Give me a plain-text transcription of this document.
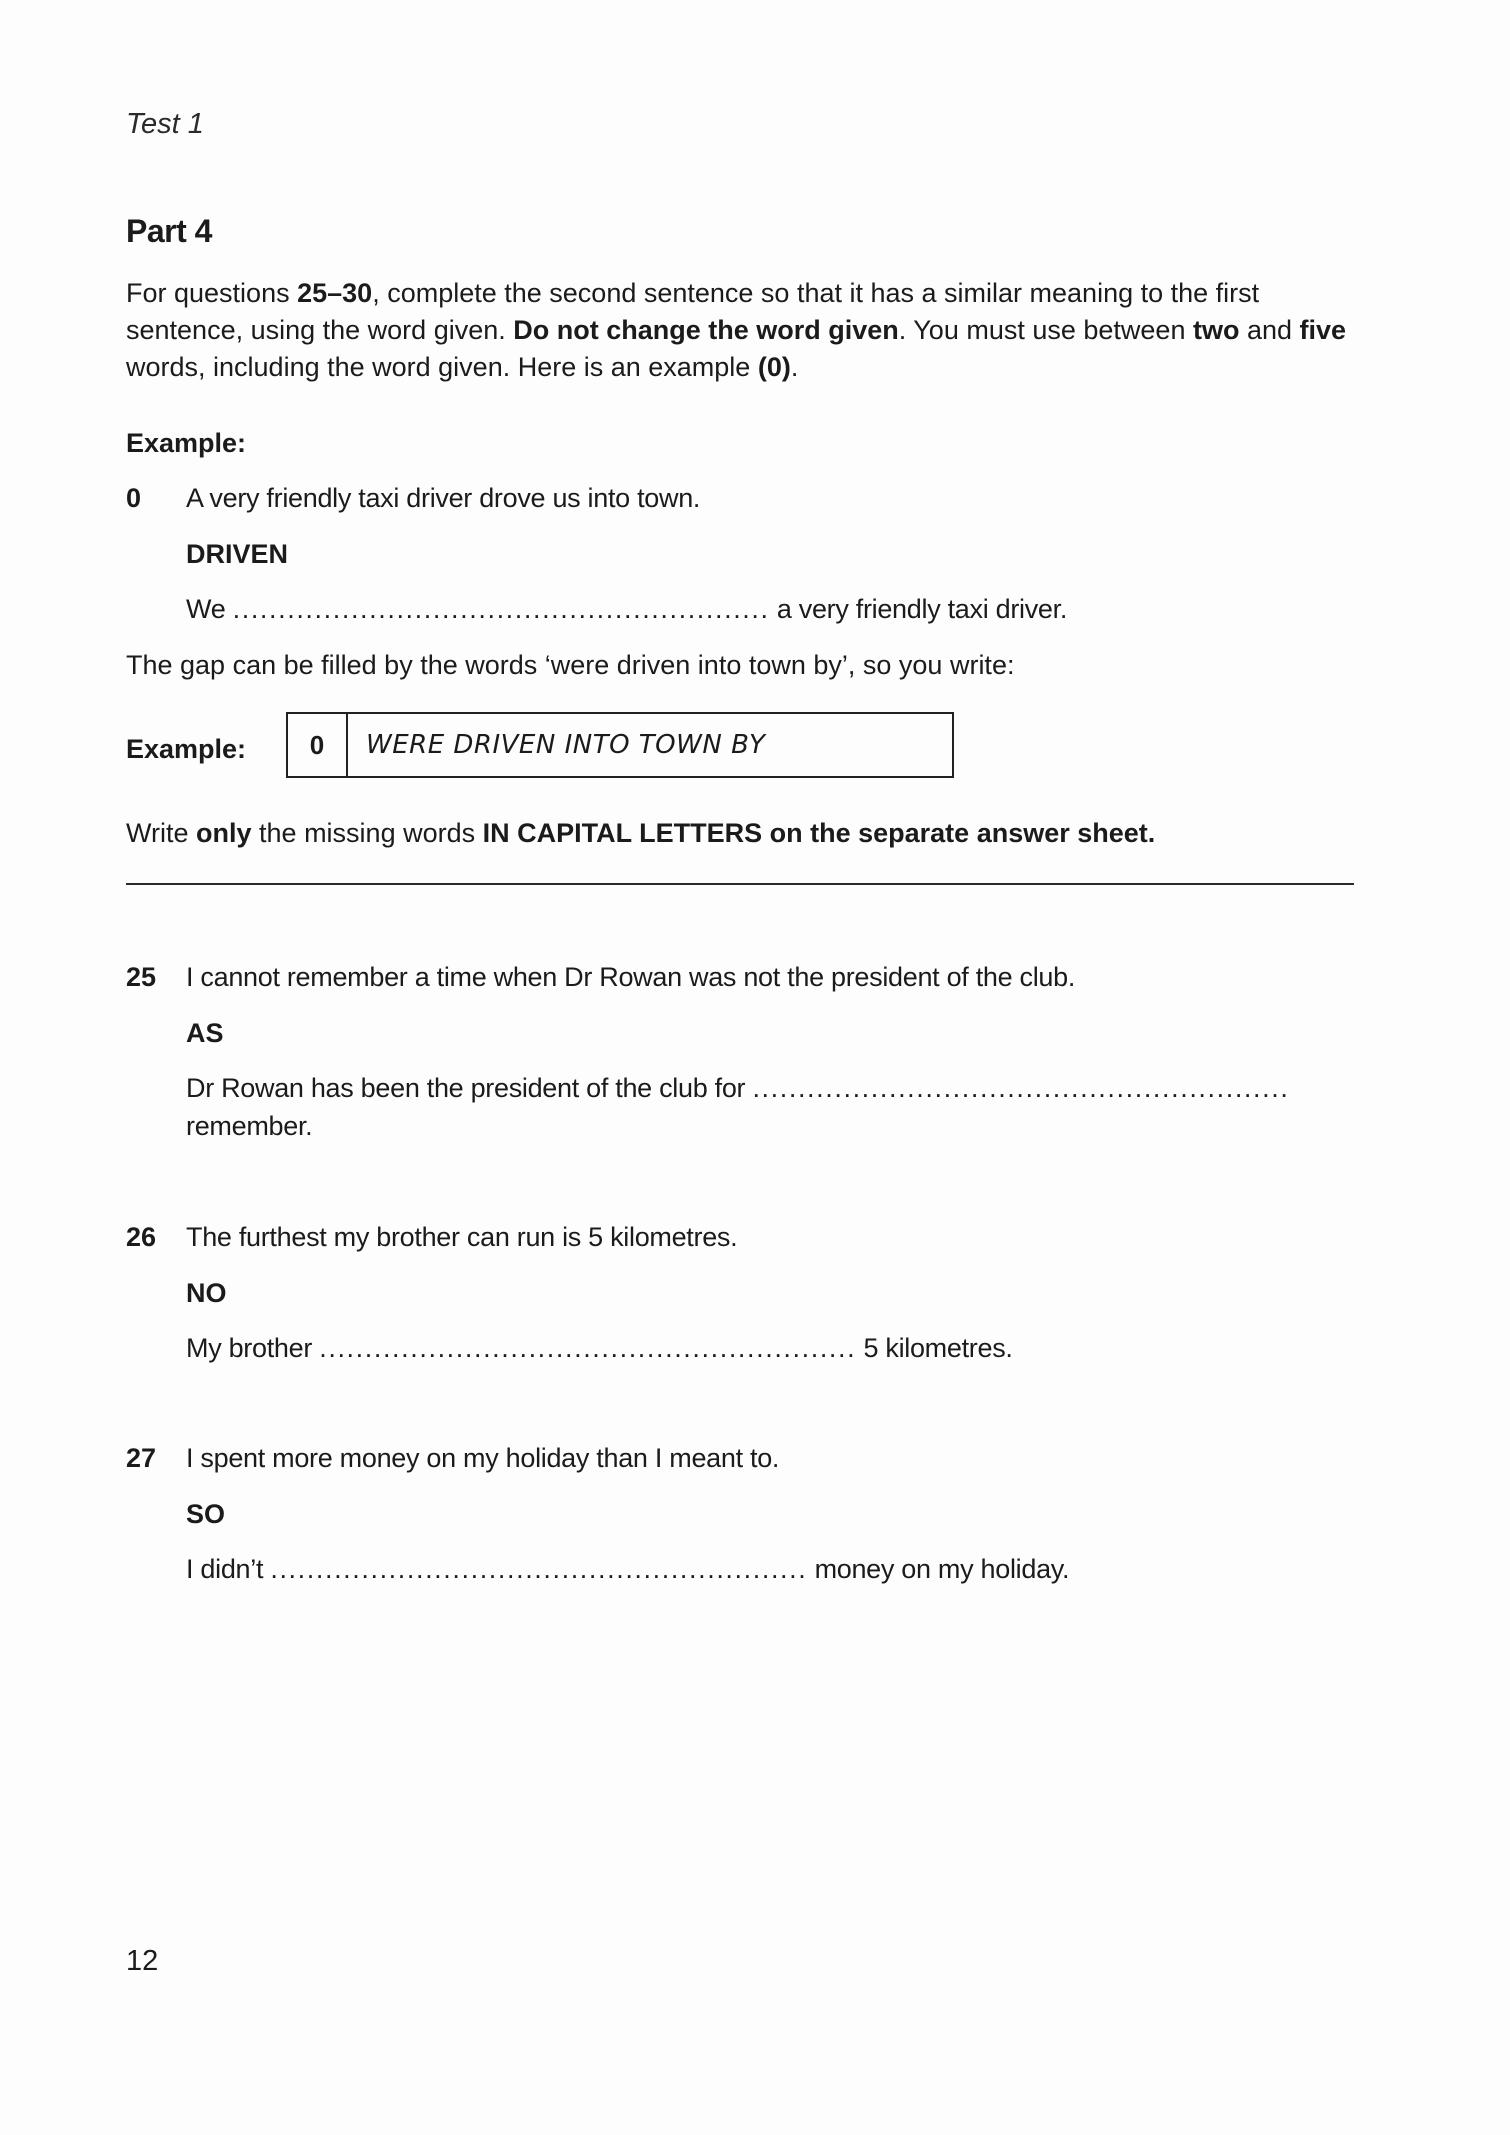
Test 1
Part 4
For questions 25–30, complete the second sentence so that it has a similar meaning to the first sentence, using the word given. Do not change the word given. You must use between two and five words, including the word given. Here is an example (0).
Example:
0 A very friendly taxi driver drove us into town.
DRIVEN
We ........................................................... a very friendly taxi driver.
The gap can be filled by the words ‘were driven into town by’, so you write:
Example:	0	WERE DRIVEN INTO TOWN BY
Write only the missing words IN CAPITAL LETTERS on the separate answer sheet.
25 I cannot remember a time when Dr Rowan was not the president of the club.
AS
Dr Rowan has been the president of the club for ...........................................................
remember.
26 The furthest my brother can run is 5 kilometres.
NO
My brother ........................................................... 5 kilometres.
27 I spent more money on my holiday than I meant to.
SO
I didn’t ........................................................... money on my holiday.
12
